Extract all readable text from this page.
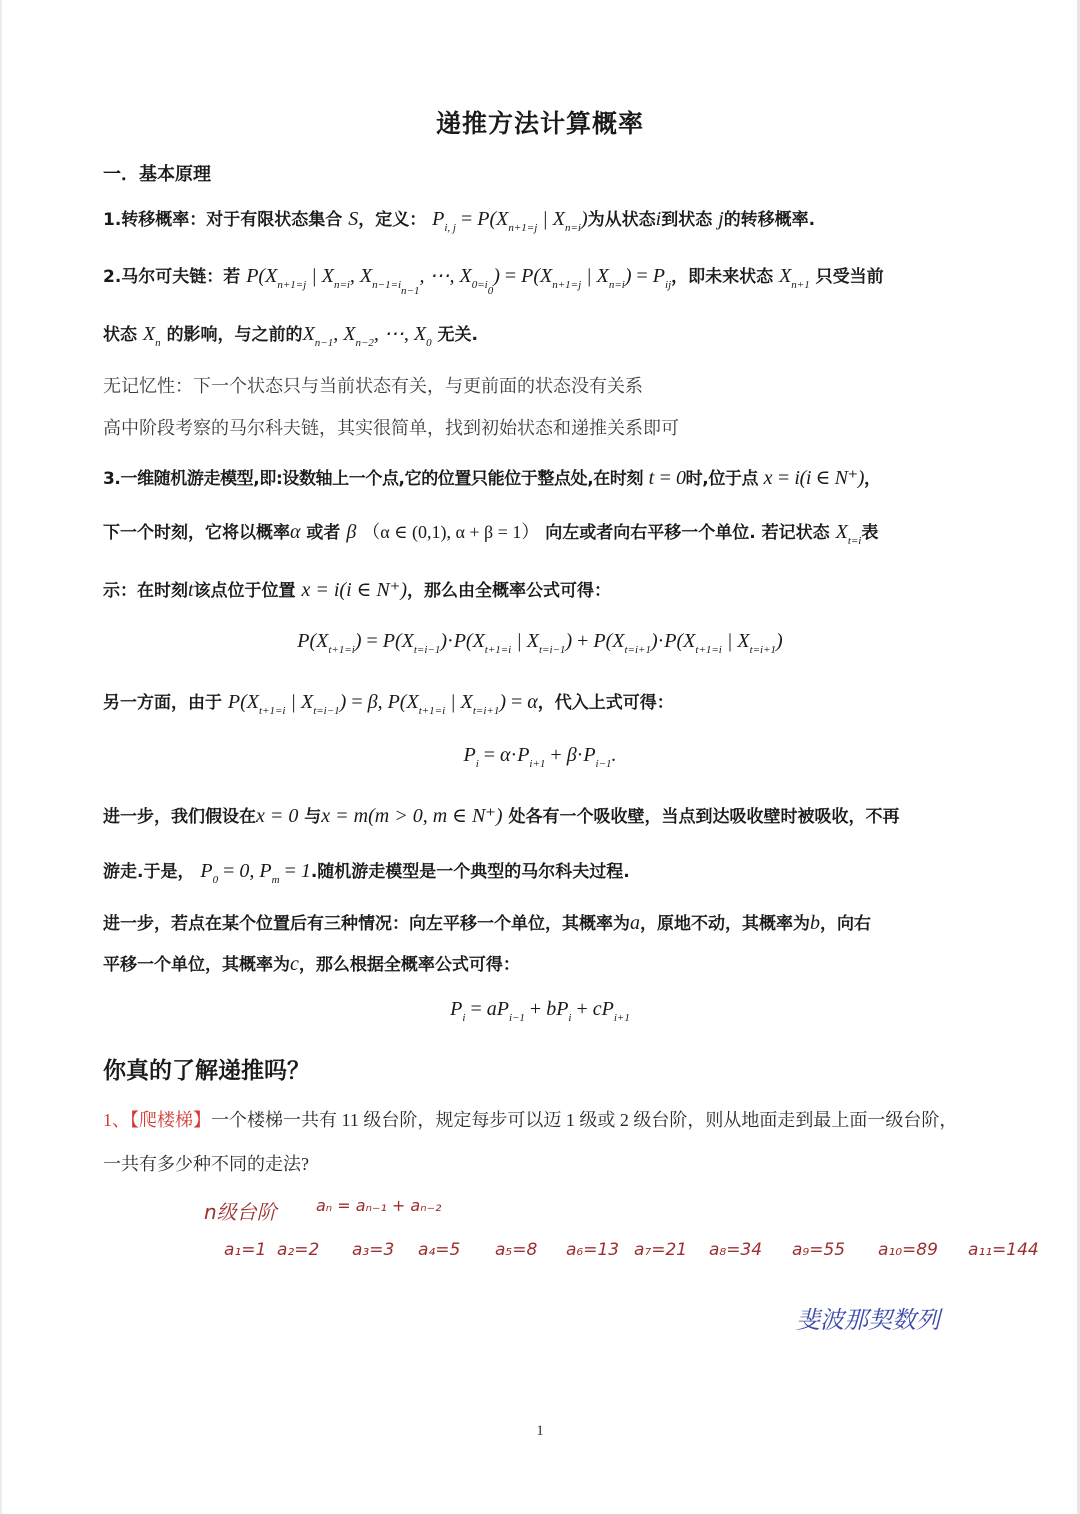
递推方法计算概率
一．基本原理
1.转移概率：对于有限状态集合 S，定义： $P_{i, j} = P(X_{n+1=j}$ | $X_{n=i}$)为从状态i到状态 j的转移概率.
2.马尔可夫链：若 $P(X_{n+1=j}$ | $X_{n=i}$, $X_{n-1=i_{n-1}}$, ⋯, $X_{0=i_0}) = P(X_{n+1=j}$ | $X_{n=i}) = P_{ij}$，即未来状态 $X_{n+1}$ 只受当前
状态 $X_n$ 的影响，与之前的$X_{n-1}$, $X_{n-2}$, ⋯, $X_0$ 无关.
无记忆性：下一个状态只与当前状态有关，与更前面的状态没有关系
高中阶段考察的马尔科夫链，其实很简单，找到初始状态和递推关系即可
3.一维随机游走模型,即:设数轴上一个点,它的位置只能位于整点处,在时刻 t = 0时,位于点 x = i(i ∈ N⁺)，
下一个时刻，它将以概率α 或者 β （α ∈ (0,1), α + β = 1） 向左或者向右平移一个单位. 若记状态 $X_{t=i}$表
示：在时刻t该点位于位置 x = i(i ∈ N⁺)，那么由全概率公式可得：
$P(X_{t+1=i}) = P(X_{t=i-1})\cdot P(X_{t+1=i}$ | $X_{t=i-1}) + P(X_{t=i+1})\cdot P(X_{t+1=i}$ | $X_{t=i+1}$)
另一方面，由于 $P(X_{t+1=i}$ | $X_{t=i-1}) = \beta$, $P(X_{t+1=i}$ | $X_{t=i+1}) = \alpha$，代入上式可得：
$P_i = \alpha\cdot P_{i+1} + \beta\cdot P_{i-1}$.
进一步，我们假设在x = 0 与x = m(m > 0, m ∈ N⁺) 处各有一个吸收壁，当点到达吸收壁时被吸收，不再
游走.于是， $P_0 = 0$, $P_m = 1$.随机游走模型是一个典型的马尔科夫过程.
进一步，若点在某个位置后有三种情况：向左平移一个单位，其概率为a，原地不动，其概率为b，向右
平移一个单位，其概率为c，那么根据全概率公式可得：
$P_i = aP_{i-1} + bP_i + cP_{i+1}$
你真的了解递推吗？
1、【爬楼梯】一个楼梯一共有 11 级台阶，规定每步可以迈 1 级或 2 级台阶，则从地面走到最上面一级台阶，
一共有多少种不同的走法?
n级台阶 aₙ = aₙ₋₁ + aₙ₋₂
a₁=1 a₂=2 a₃=3 a₄=5 a₅=8 a₆=13 a₇=21 a₈=34 a₉=55 a₁₀=89 a₁₁=144
斐波那契数列
1
